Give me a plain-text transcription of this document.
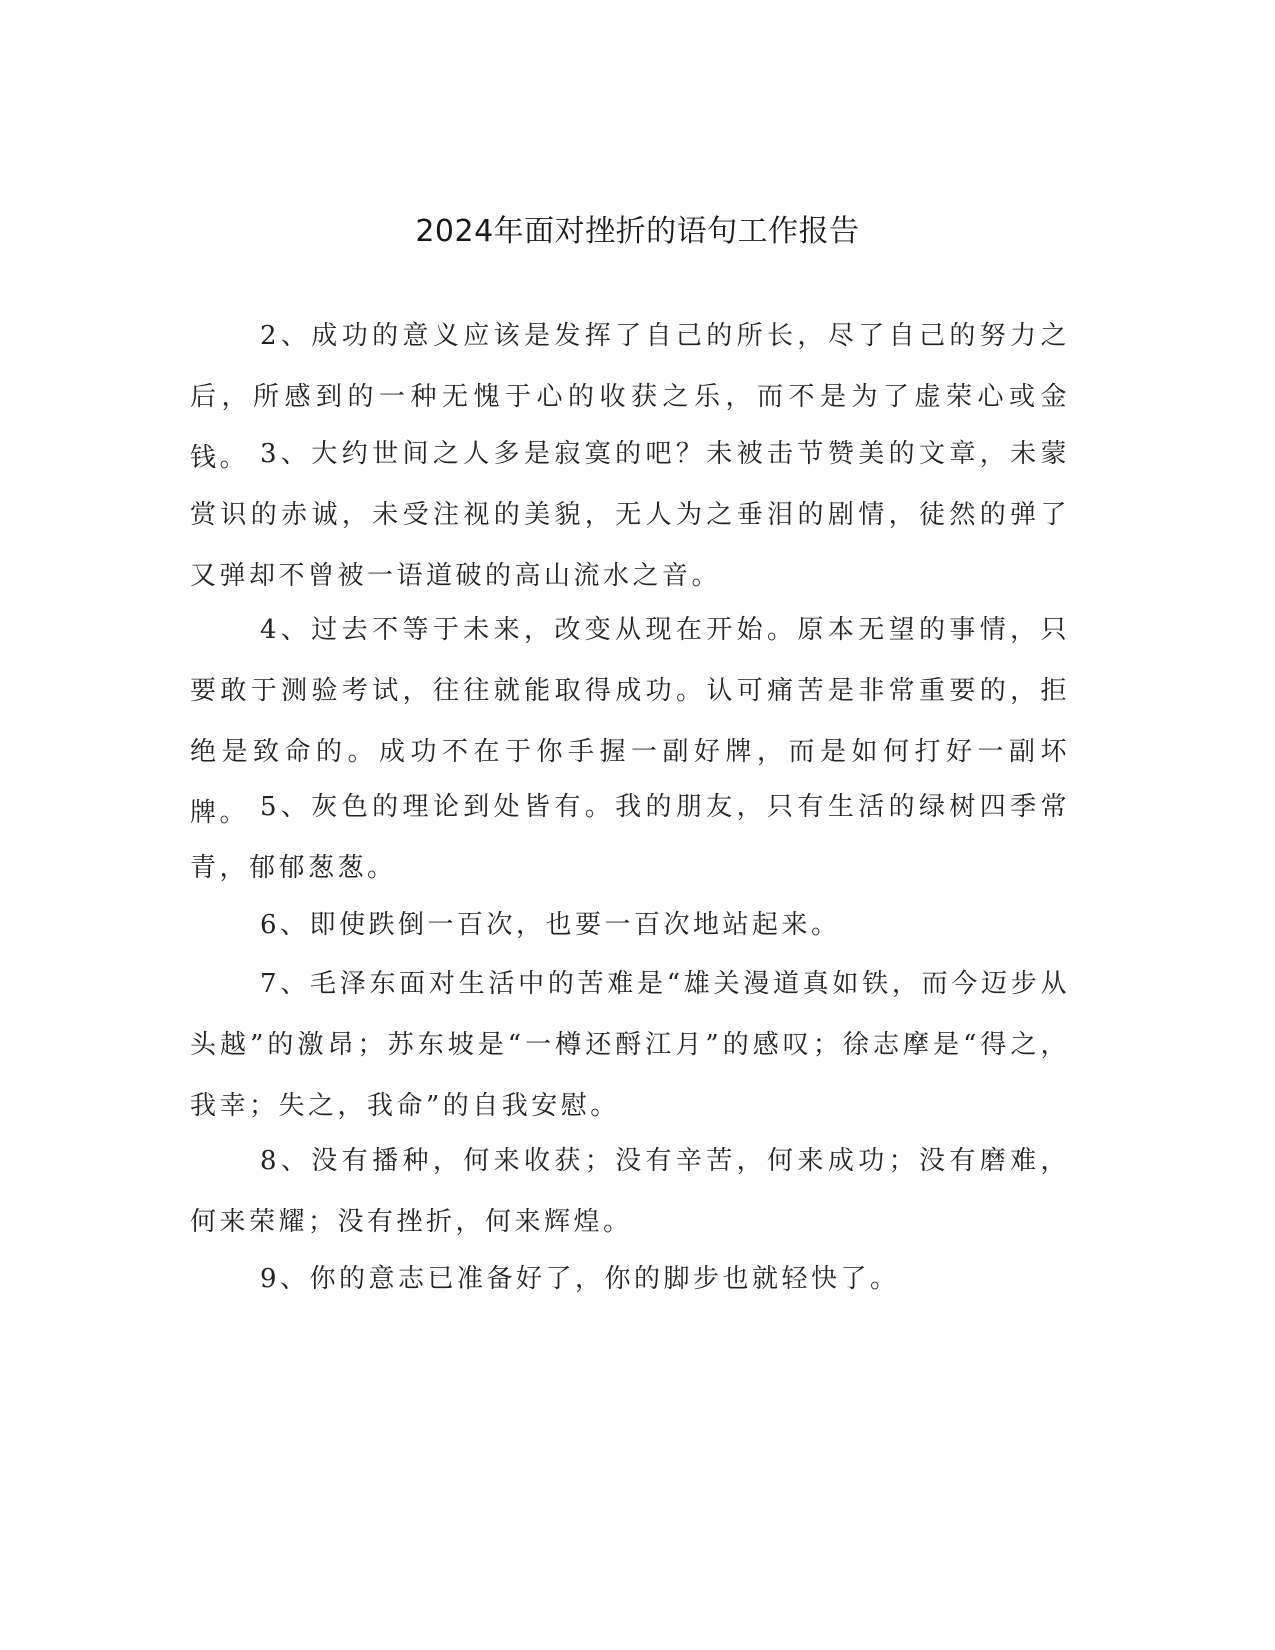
2024年面对挫折的语句工作报告

2、成功的意义应该是发挥了自己的所长，尽了自己的努力之后，所感到的一种无愧于心的收获之乐，而不是为了虚荣心或金钱。 3、大约世间之人多是寂寞的吧？未被击节赞美的文章，未蒙赏识的赤诚，未受注视的美貌，无人为之垂泪的剧情，徒然的弹了又弹却不曾被一语道破的高山流水之音。

4、过去不等于未来，改变从现在开始。原本无望的事情，只要敢于测验考试，往往就能取得成功。认可痛苦是非常重要的，拒绝是致命的。成功不在于你手握一副好牌，而是如何打好一副坏牌。 5、灰色的理论到处皆有。我的朋友，只有生活的绿树四季常青，郁郁葱葱。

6、即使跌倒一百次，也要一百次地站起来。

7、毛泽东面对生活中的苦难是“雄关漫道真如铁，而今迈步从头越”的激昂；苏东坡是“一樽还酹江月”的感叹；徐志摩是“得之，我幸；失之，我命”的自我安慰。

8、没有播种，何来收获；没有辛苦，何来成功；没有磨难，何来荣耀；没有挫折，何来辉煌。

9、你的意志已准备好了，你的脚步也就轻快了。
